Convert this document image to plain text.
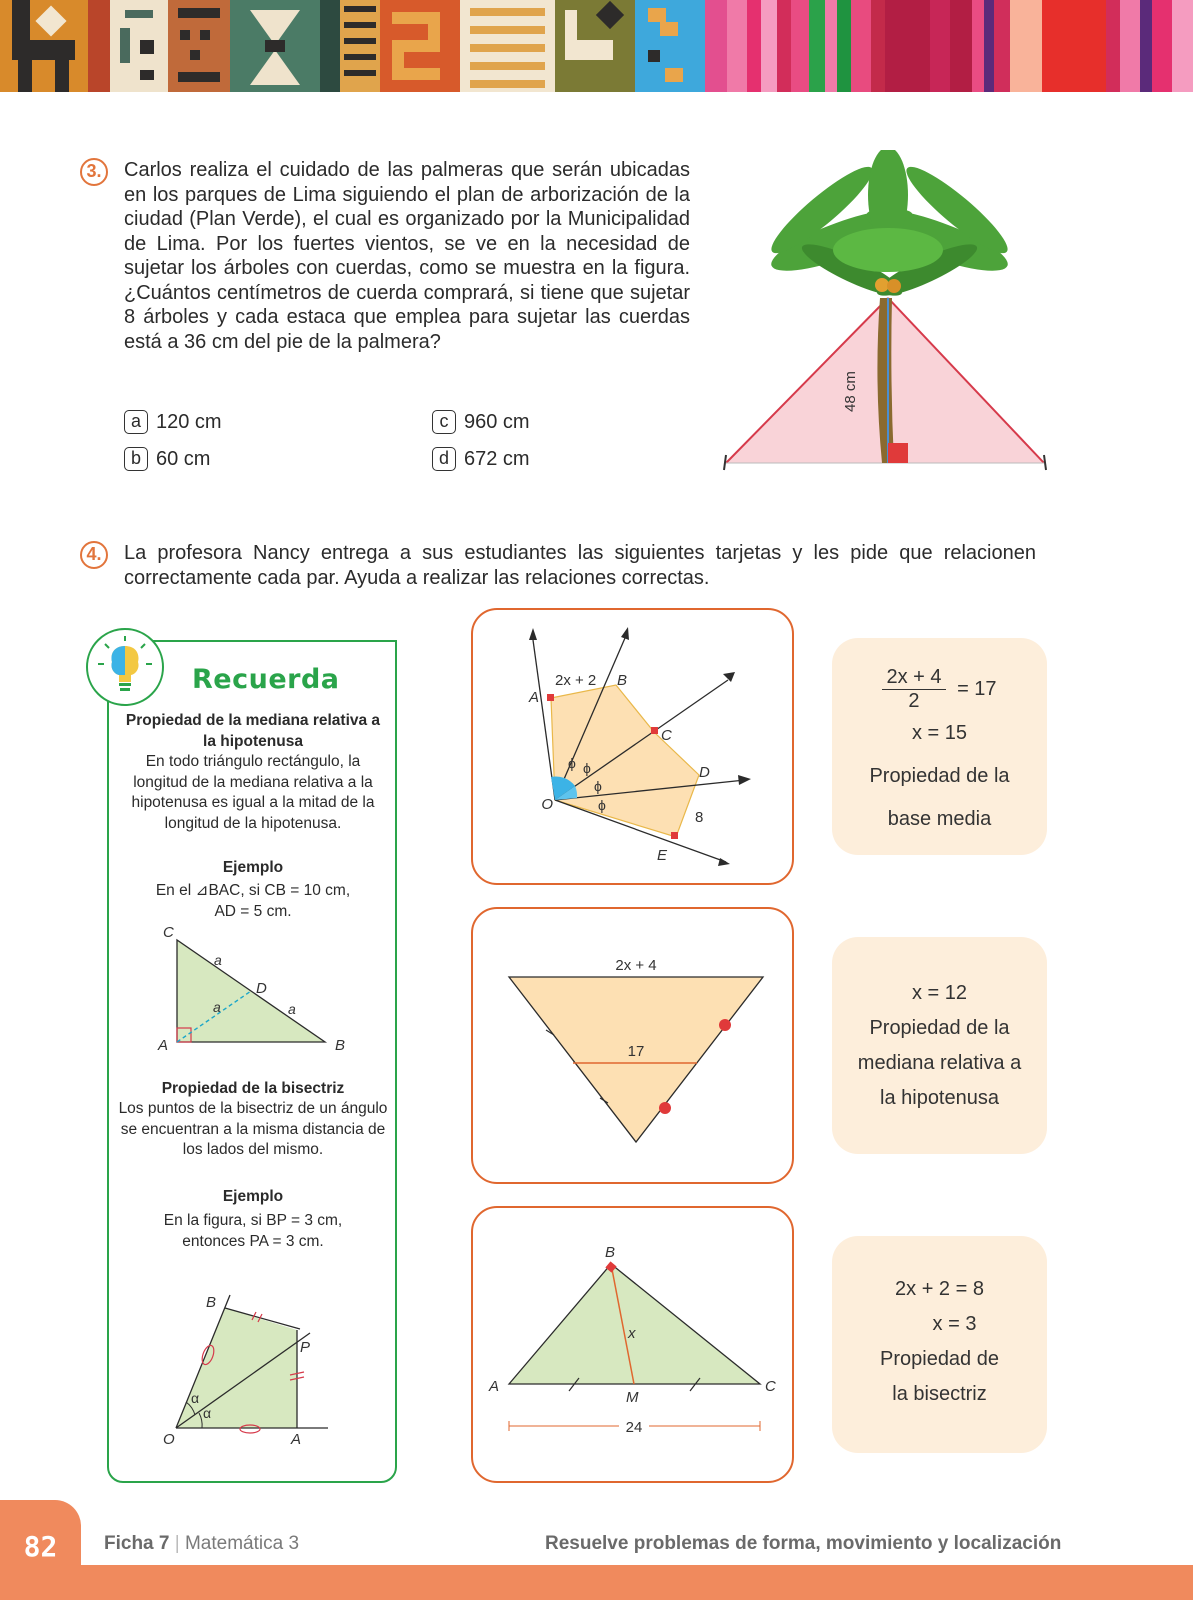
3.	Carlos realiza el cuidado de las palmeras que serán ubicadas en los parques de Lima siguiendo el plan de arborización de la ciudad (Plan Verde), el cual es organizado por la Municipalidad de Lima. Por los fuertes vientos, se ve en la necesidad de sujetar los árboles con cuerdas, como se muestra en la figura. ¿Cuántos centímetros de cuerda comprará, si tiene que sujetar 8 árboles y cada estaca que emplea para sujetar las cuerdas está a 36 cm del pie de la palmera?
a 120 cm
b 60 cm
c 960 cm
d 672 cm
48 cm
4.	La profesora Nancy entrega a sus estudiantes las siguientes tarjetas y les pide que relacionen correctamente cada par. Ayuda a realizar las relaciones correctas.
Recuerda
Propiedad de la mediana relativa a la hipotenusa
En todo triángulo rectángulo, la longitud de la mediana relativa a la hipotenusa es igual a la mitad de la longitud de la hipotenusa.
Ejemplo
En el ⊿BAC, si CB = 10 cm,
AD = 5 cm.
C
A	B
D
a
a	a
Propiedad de la bisectriz
Los puntos de la bisectriz de un ángulo se encuentran a la misma distancia de los lados del mismo.
Ejemplo
En la figura, si BP = 3 cm,
entonces PA = 3 cm.
α
α
B
P
O	A
2x + 2
A
B
C
D
E
O
8
ϕ ϕ
ϕ
ϕ
2x + 4
17
24
B
A	C
M
x
$\frac{2x + 4}{2} = 17$
x = 15
Propiedad de la
base media
x = 12
Propiedad de la
mediana relativa a
la hipotenusa
2x + 2 = 8
x = 3
Propiedad de
la bisectriz
82	Ficha 7 | Matemática 3	Resuelve problemas de forma, movimiento y localización
